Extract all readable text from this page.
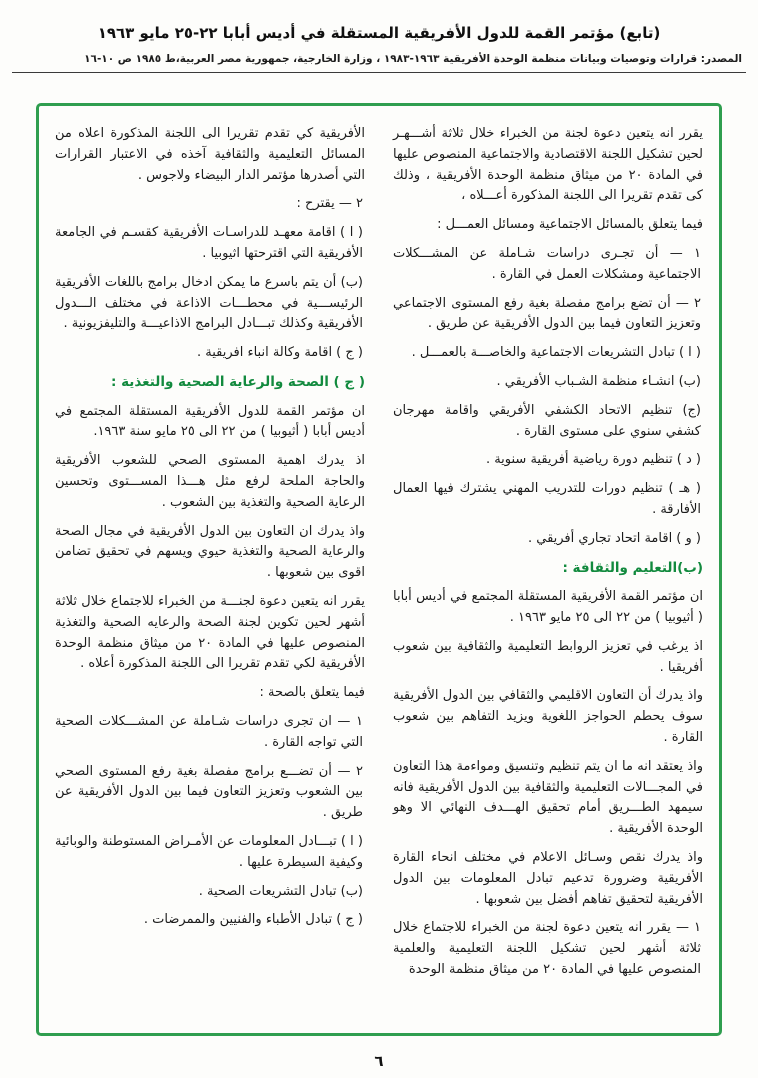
(تابع) مؤتمر القمة للدول الأفريقية المستقلة في أديس أبابا ٢٢-٢٥ مايو ١٩٦٣
المصدر: قرارات وتوصيات وبيانات منظمة الوحدة الأفريقية ١٩٦٣-١٩٨٣ ، وزارة الخارجية، جمهورية مصر العربية،ط ١٩٨٥ ص ١٠-١٦

يقرر انه يتعين دعوة لجنة من الخبراء خلال ثلاثة أشـــهـر لحين تشكيل اللجنة الاقتصادية والاجتماعية المنصوص عليها في المادة ٢٠ من ميثاق منظمة الوحدة الأفريقية ، وذلك كى تقدم تقريرا الى اللجنة المذكورة أعـــلاه ،

فيما يتعلق بالمسائل الاجتماعية ومسائل العمـــل :

١ — أن تجـرى دراسات شـاملة عن المشـــكلات الاجتماعية ومشكلات العمل في القارة .

٢ — أن تضع برامج مفصلة بغية رفع المستوى الاجتماعي وتعزيز التعاون فيما بين الدول الأفريقية عن طريق .

( ا ) تبادل التشريعات الاجتماعية والخاصـــة بالعمـــل .

(ب) انشـاء منظمة الشـباب الأفريقي .

(ج) تنظيم الاتحاد الكشفي الأفريقي واقامة مهرجان كشفي سنوي على مستوى القارة .

( د ) تنظيم دورة رياضية أفريقية سنوية .

( هـ ) تنظيم دورات للتدريب المهني يشترك فيها العمال الأفارقة .

( و ) اقامة اتحاد تجاري أفريقي .

(ب)التعليم والثقافة :

ان مؤتمر القمة الأفريقية المستقلة المجتمع في أديس أبابا ( أثيوبيا ) من ٢٢ الى ٢٥ مايو ١٩٦٣ .

اذ يرغب في تعزيز الروابط التعليمية والثقافية بين شعوب أفريقيا .

واذ يدرك أن التعاون الاقليمي والثقافي بين الدول الأفريقية سوف يحطم الحواجز اللغوية ويزيد التفاهم بين شعوب القارة .

واذ يعتقد انه ما ان يتم تنظيم وتنسيق ومواءمة هذا التعاون في المجـــالات التعليمية والثقافية بين الدول الأفريقية فانه سيمهد الطـــريق أمام تحقيق الهـــدف النهائي الا وهو الوحدة الأفريقية .

واذ يدرك نقص وسـائل الاعلام في مختلف انحاء القارة الأفريقية وضرورة تدعيم تبادل المعلومات بين الدول الأفريقية لتحقيق تفاهم أفضل بين شعوبها .

١ — يقرر انه يتعين دعوة لجنة من الخبراء للاجتماع خلال ثلاثة أشهر لحين تشكيل اللجنة التعليمية والعلمية المنصوص عليها في المادة ٢٠ من ميثاق منظمة الوحدة

الأفريقية كي تقدم تقريرا الى اللجنة المذكورة اعلاه من المسائل التعليمية والثقافية آخذه في الاعتبار القرارات التي أصدرها مؤتمر الدار البيضاء ولاجوس .

٢ — يقترح :

( ا ) اقامة معهـد للدراسـات الأفريقية كقسـم في الجامعة الأفريقية التي اقترحتها اثيوبيا .

(ب) أن يتم باسرع ما يمكن ادخال برامج باللغات الأفريقية الرئيســـية في محطـــات الاذاعة في مختلف الـــدول الأفريقية وكذلك تبـــادل البرامج الاذاعيـــة والتليفزيونية .

( ج ) اقامة وكالة انباء افريقية .

( ج ) الصحة والرعاية الصحية والتغذية :

ان مؤتمر القمة للدول الأفريقية المستقلة المجتمع في أديس أبابا ( أثيوبيا ) من ٢٢ الى ٢٥ مايو سنة ١٩٦٣.

اذ يدرك اهمية المستوى الصحي للشعوب الأفريقية والحاجة الملحة لرفع مثل هـــذا المســـتوى وتحسين الرعاية الصحية والتغذية بين الشعوب .

واذ يدرك ان التعاون بين الدول الأفريقية في مجال الصحة والرعاية الصحية والتغذية حيوي ويسهم في تحقيق تضامن اقوى بين شعوبها .

يقرر انه يتعين دعوة لجنـــة من الخبراء للاجتماع خلال ثلاثة أشهر لحين تكوين لجنة الصحة والرعايه الصحية والتغذية المنصوص عليها في المادة ٢٠ من ميثاق منظمة الوحدة الأفريقية لكي تقدم تقريرا الى اللجنة المذكورة أعلاه .

فيما يتعلق بالصحة :

١ — ان تجرى دراسات شـاملة عن المشـــكلات الصحية التي تواجه القارة .

٢ — أن تضـــع برامج مفصلة بغية رفع المستوى الصحي بين الشعوب وتعزيز التعاون فيما بين الدول الأفريقية عن طريق .

( ا ) تبـــادل المعلومات عن الأمـراض المستوطنة والوبائية وكيفية السيطرة عليها .

(ب) تبادل التشريعات الصحية .

( ج ) تبادل الأطباء والفنيين والممرضات .

٦
